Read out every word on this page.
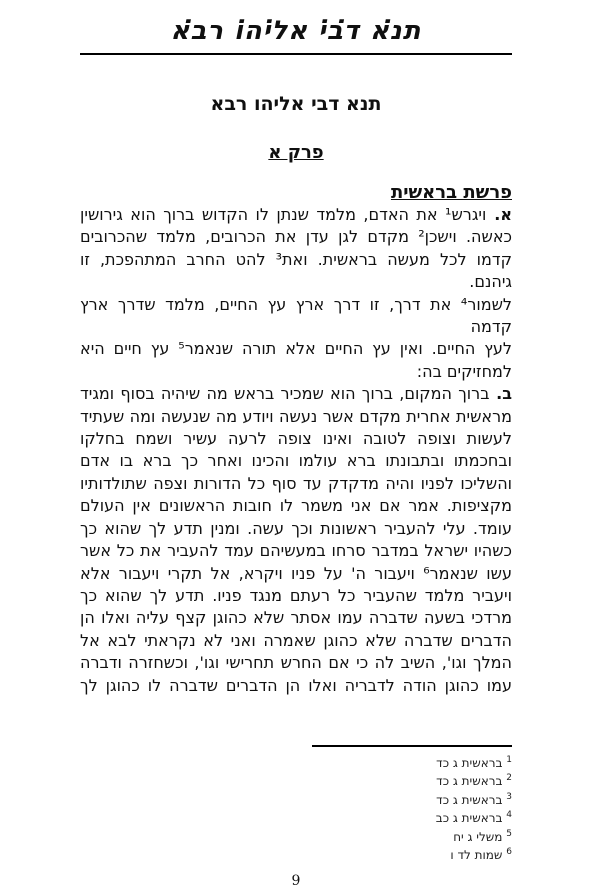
תנ̇א ד̇ב̇י אל̇יה̇ו רב̇א
תנא דבי אליהו רבא
פרק א
פרשת בראשית
א. ויגרש¹ את האדם, מלמד שנתן לו הקדוש ברוך הוא גירושין
כאשה. וישכן² מקדם לגן עדן את הכרובים, מלמד שהכרובים
קדמו לכל מעשה בראשית. ואת³ להט החרב המתהפכת, זו גיהנם.
לשמור⁴ את דרך, זו דרך ארץ עץ החיים, מלמד שדרך ארץ קדמה
לעץ החיים. ואין עץ החיים אלא תורה שנאמר⁵ עץ חיים היא
למחזיקים בה:
ב. ברוך המקום, ברוך הוא שמכיר בראש מה שיהיה בסוף ומגיד
מראשית אחרית מקדם אשר נעשה ויודע מה שנעשה ומה שעתיד
לעשות וצופה לטובה ואינו צופה לרעה עשיר ושמח בחלקו
ובחכמתו ובתבונתו ברא עולמו והכינו ואחר כך ברא בו אדם
והשליכו לפניו והיה מדקדק עד סוף כל הדורות וצפה שתולדותיו
מקציפות. אמר אם אני משמר לו חובות הראשונים אין העולם
עומד. עלי להעביר ראשונות וכך עשה. ומנין תדע לך שהוא כך
כשהיו ישראל במדבר סרחו במעשיהם עמד להעביר את כל אשר
עשו שנאמר⁶ ויעבור ה' על פניו ויקרא, אל תקרי ויעבור אלא
ויעביר מלמד שהעביר כל רעתם מנגד פניו. תדע לך שהוא כך
מרדכי בשעה שדברה עמו אסתר שלא כהוגן קצף עליה ואלו הן
הדברים שדברה שלא כהוגן שאמרה ואני לא נקראתי לבא אל
המלך וגו', השיב לה כי אם החרש תחרישי וגו', וכשחזרה ודברה
עמו כהוגן הודה לדבריה ואלו הן הדברים שדברה לו כהוגן לך
$^1$ בראשית ג כד
$^2$ בראשית ג כד
$^3$ בראשית ג כד
$^4$ בראשית ג כב
$^5$ משלי ג יח
$^6$ שמות לד ו
9
